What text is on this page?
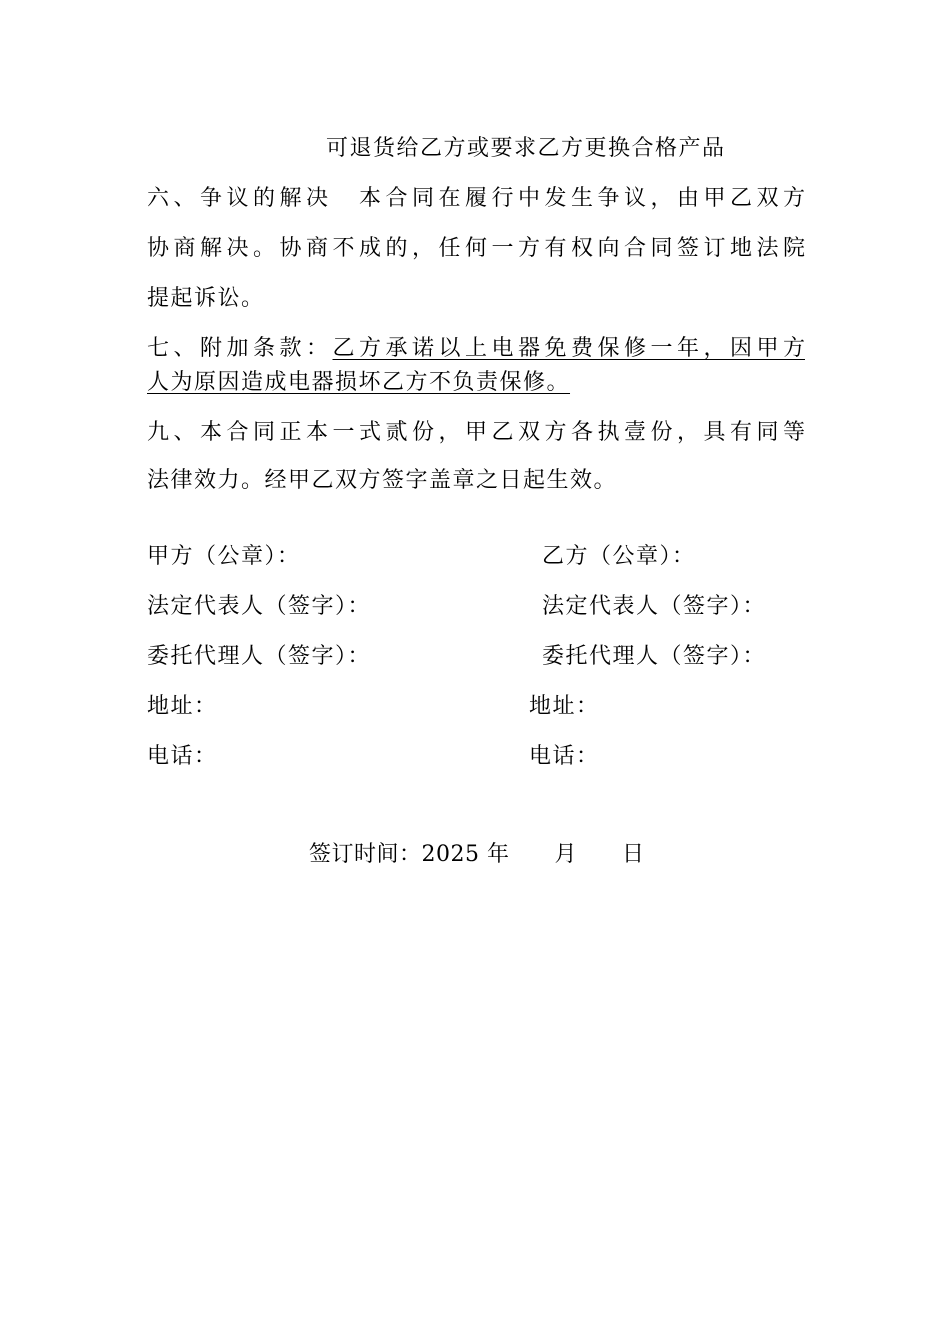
可退货给乙方或要求乙方更换合格产品
六、争议的解决　本合同在履行中发生争议，由甲乙双方
协商解决。协商不成的，任何一方有权向合同签订地法院
提起诉讼。
七、附加条款：乙方承诺以上电器免费保修一年，因甲方
人为原因造成电器损坏乙方不负责保修。
九、本合同正本一式贰份，甲乙双方各执壹份，具有同等
法律效力。经甲乙双方签字盖章之日起生效。
甲方（公章）：	乙方（公章）：
法定代表人（签字）：	法定代表人（签字）：
委托代理人（签字）：	委托代理人（签字）：
地址：	地址：
电话：	电话：
签订时间：2025 年　　月　　日
